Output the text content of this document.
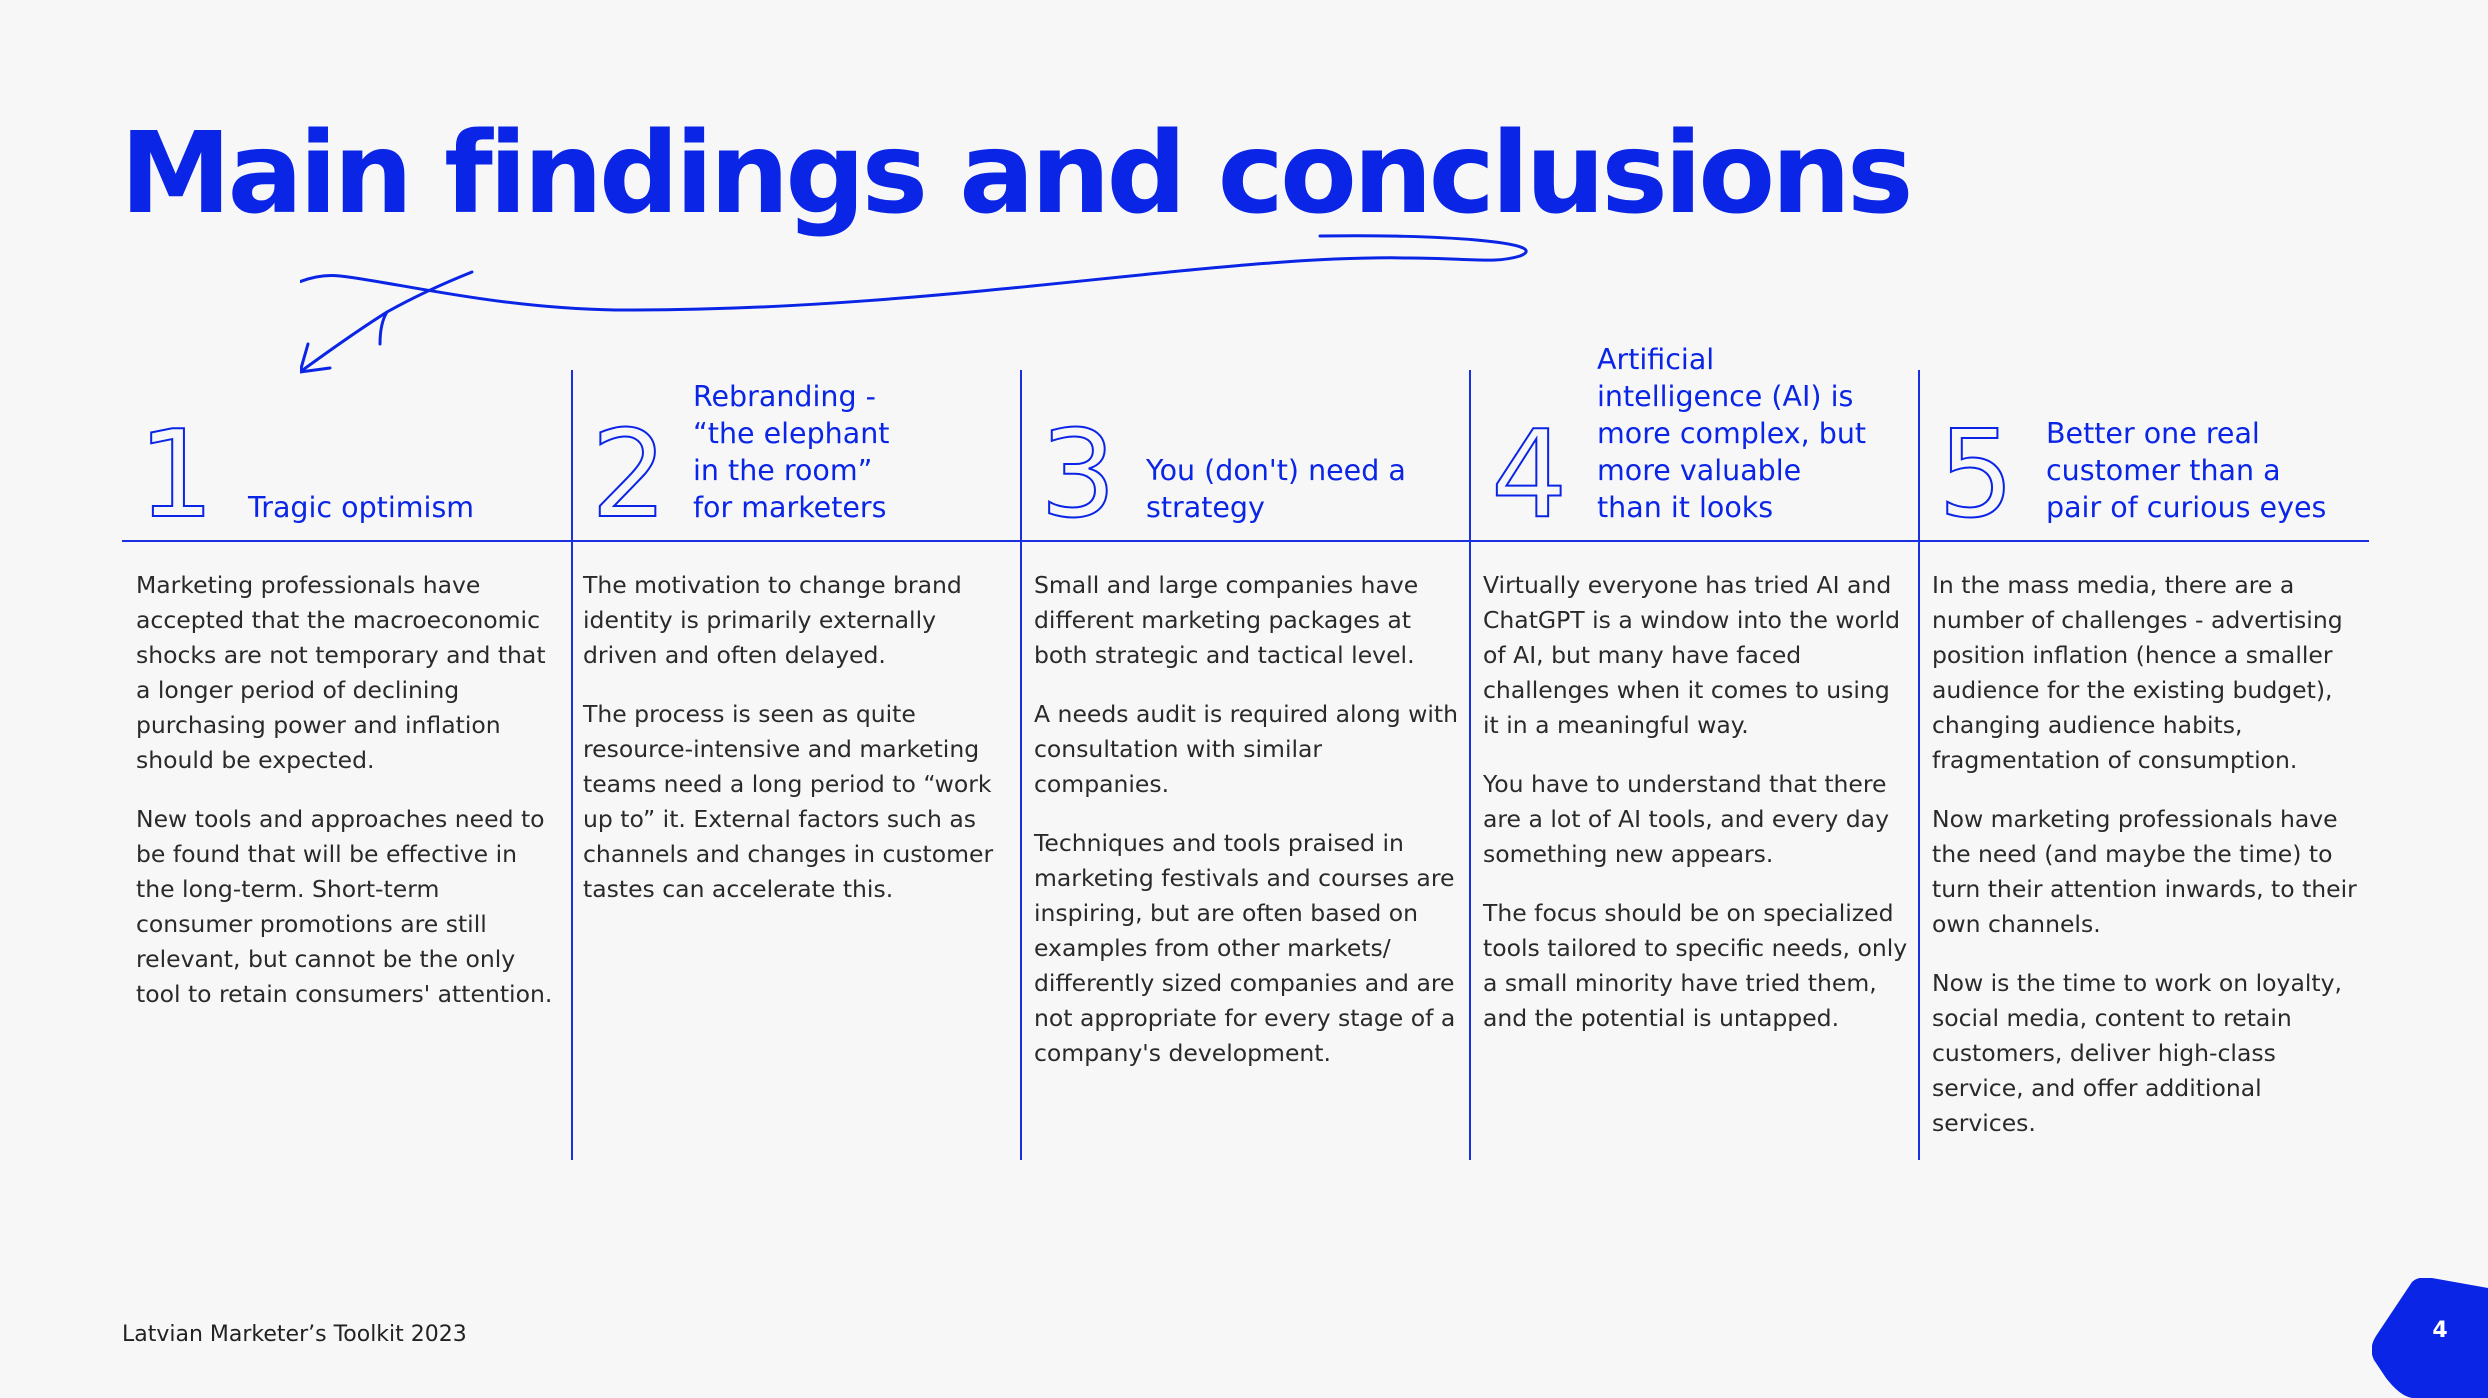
Main findings and conclusions
1 Tragic optimism

Marketing professionals have accepted that the macroeconomic shocks are not temporary and that a longer period of declining purchasing power and inflation should be expected.

New tools and approaches need to be found that will be effective in the long-term. Short-term consumer promotions are still relevant, but cannot be the only tool to retain consumers' attention.

2
Rebranding - “the elephant in the room” for marketers

The motivation to change brand identity is primarily externally driven and often delayed.

The process is seen as quite resource-intensive and marketing teams need a long period to “work up to” it. External factors such as channels and changes in customer tastes can accelerate this.

3 You (don't) need a strategy

Small and large companies have different marketing packages at both strategic and tactical level.

A needs audit is required along with consultation with similar companies.

Techniques and tools praised in marketing festivals and courses are inspiring, but are often based on examples from other markets/ differently sized companies and are not appropriate for every stage of a company's development.

4
Artificial intelligence (AI) is more complex, but more valuable than it looks

Virtually everyone has tried AI and ChatGPT is a window into the world of AI, but many have faced challenges when it comes to using it in a meaningful way.

You have to understand that there are a lot of AI tools, and every day something new appears.

The focus should be on specialized tools tailored to specific needs, only a small minority have tried them, and the potential is untapped.

5 Better one real customer than a pair of curious eyes

In the mass media, there are a number of challenges - advertising position inflation (hence a smaller audience for the existing budget), changing audience habits, fragmentation of consumption.

Now marketing professionals have the need (and maybe the time) to turn their attention inwards, to their own channels.

Now is the time to work on loyalty, social media, content to retain customers, deliver high-class service, and offer additional services.

Latvian Marketer’s Toolkit 2023	4
